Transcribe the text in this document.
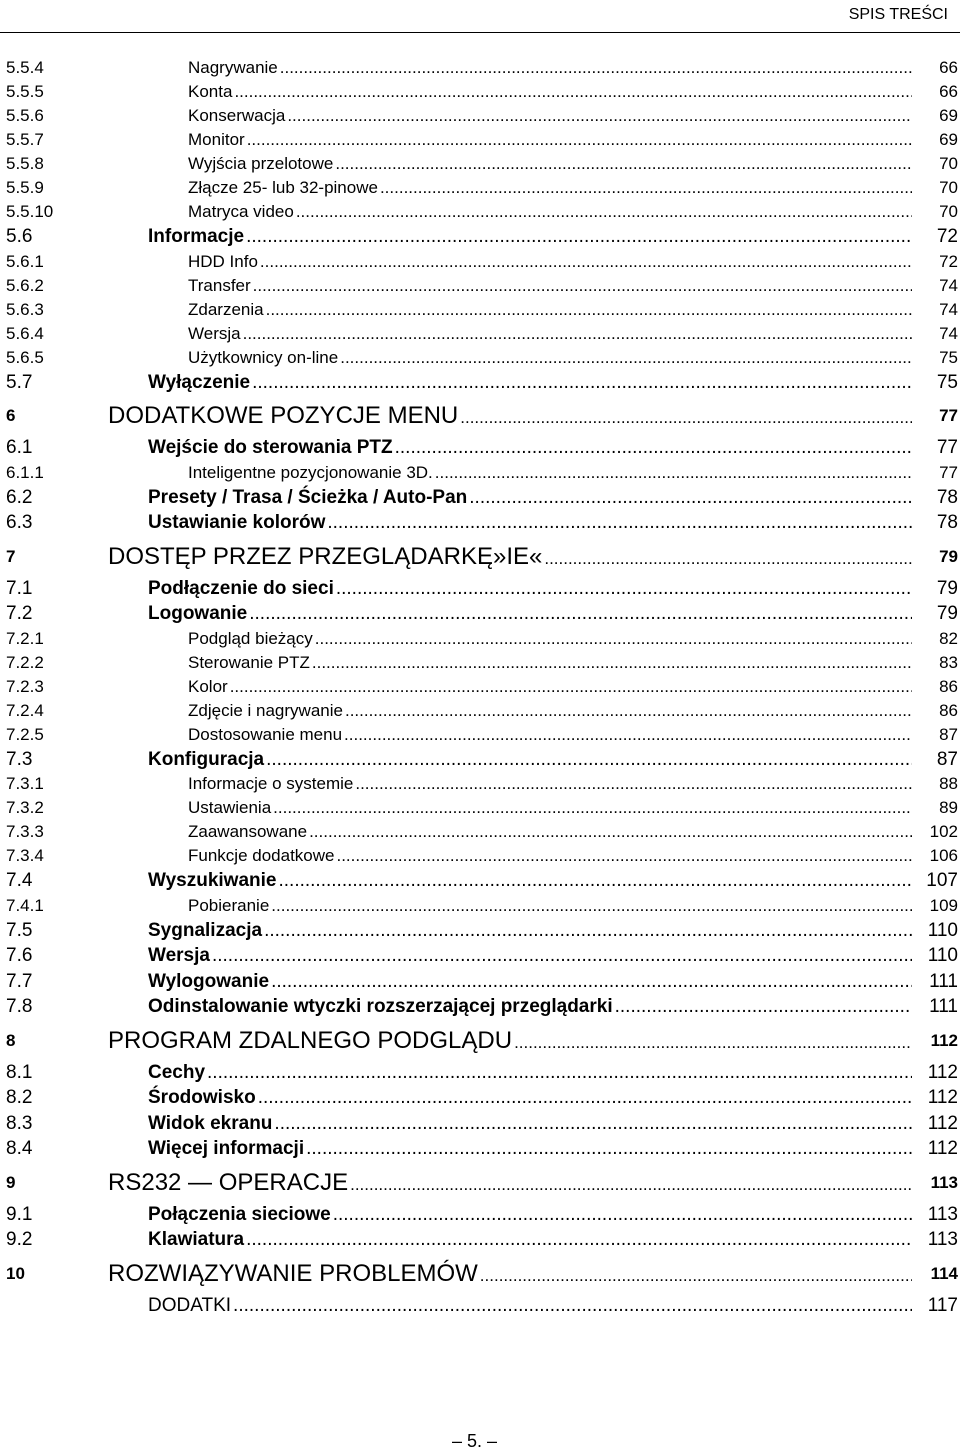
SPIS TREŚCI
5.5.4	Nagrywanie .....	66
5.5.5	Konta .....	66
5.5.6	Konserwacja .....	69
5.5.7	Monitor .....	69
5.5.8	Wyjścia przelotowe .....	70
5.5.9	Złącze 25- lub 32-pinowe .....	70
5.5.10	Matryca video .....	70
5.6	Informacje .....	72
5.6.1	HDD Info .....	72
5.6.2	Transfer .....	74
5.6.3	Zdarzenia .....	74
5.6.4	Wersja .....	74
5.6.5	Użytkownicy on-line .....	75
5.7	Wyłączenie .....	75
6	DODATKOWE POZYCJE MENU .....	77
6.1	Wejście do sterowania PTZ .....	77
6.1.1	Inteligentne pozycjonowanie 3D. .....	77
6.2	Presety / Trasa / Ścieżka / Auto-Pan .....	78
6.3	Ustawianie kolorów .....	78
7	DOSTĘP PRZEZ PRZEGLĄDARKĘ»IE« .....	79
7.1	Podłączenie do sieci .....	79
7.2	Logowanie .....	79
7.2.1	Podgląd bieżący .....	82
7.2.2	Sterowanie PTZ .....	83
7.2.3	Kolor .....	86
7.2.4	Zdjęcie i nagrywanie .....	86
7.2.5	Dostosowanie menu .....	87
7.3	Konfiguracja .....	87
7.3.1	Informacje o systemie .....	88
7.3.2	Ustawienia .....	89
7.3.3	Zaawansowane .....	102
7.3.4	Funkcje dodatkowe .....	106
7.4	Wyszukiwanie .....	107
7.4.1	Pobieranie .....	109
7.5	Sygnalizacja .....	110
7.6	Wersja .....	110
7.7	Wylogowanie .....	111
7.8	Odinstalowanie wtyczki rozszerzającej przeglądarki .....	111
8	PROGRAM ZDALNEGO PODGLĄDU .....	112
8.1	Cechy .....	112
8.2	Środowisko .....	112
8.3	Widok ekranu .....	112
8.4	Więcej informacji .....	112
9	RS232 — OPERACJE .....	113
9.1	Połączenia sieciowe .....	113
9.2	Klawiatura .....	113
10	ROZWIĄZYWANIE PROBLEMÓW .....	114
DODATKI .....	117
– 5. –
